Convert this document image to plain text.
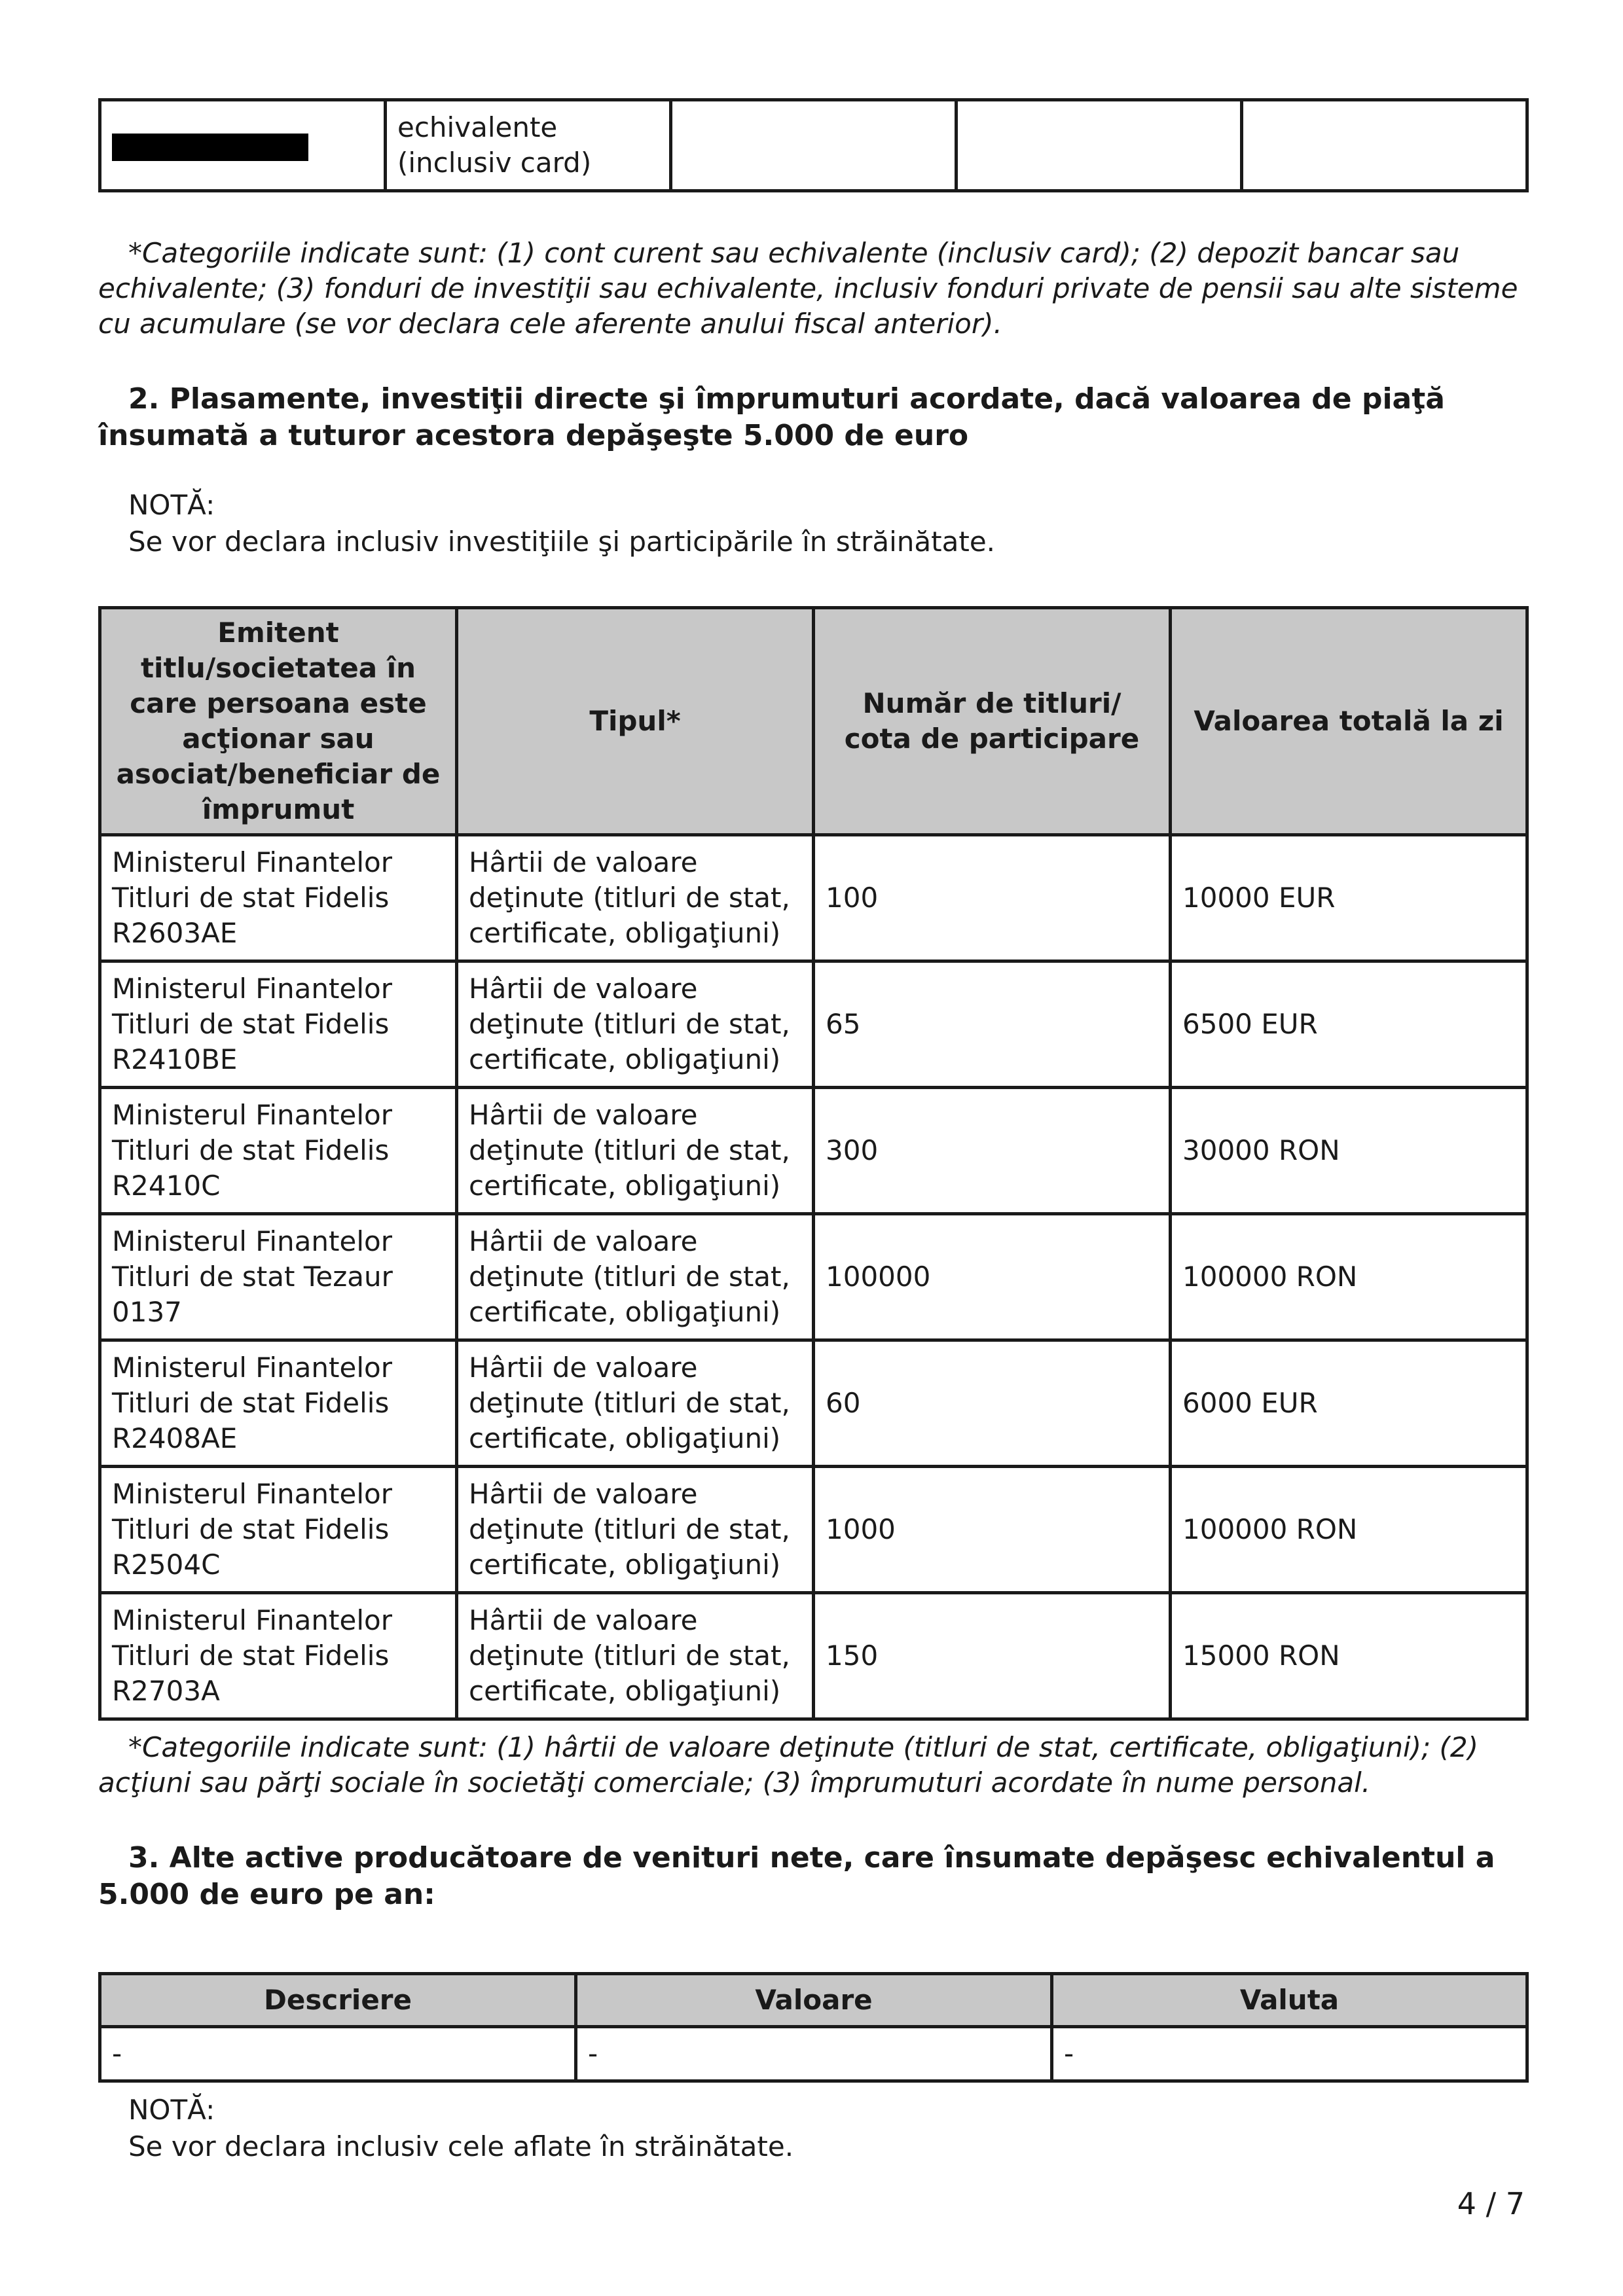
	echivalente (inclusiv card)			

*Categoriile indicate sunt: (1) cont curent sau echivalente (inclusiv card); (2) depozit bancar sau echivalente; (3) fonduri de investiţii sau echivalente, inclusiv fonduri private de pensii sau alte sisteme cu acumulare (se vor declara cele aferente anului fiscal anterior).

2. Plasamente, investiţii directe şi împrumuturi acordate, dacă valoarea de piaţă însumată a tuturor acestora depăşeşte 5.000 de euro

NOTĂ:

Se vor declara inclusiv investiţiile şi participările în străinătate.

Emitent titlu/societatea în care persoana este acţionar sau asociat/beneficiar de împrumut	Tipul*	Număr de titluri/ cota de participare	Valoarea totală la zi
Ministerul Finantelor Titluri de stat Fidelis R2603AE	Hârtii de valoare deţinute (titluri de stat, certificate, obligaţiuni)	100	10000 EUR
Ministerul Finantelor Titluri de stat Fidelis R2410BE	Hârtii de valoare deţinute (titluri de stat, certificate, obligaţiuni)	65	6500 EUR
Ministerul Finantelor Titluri de stat Fidelis R2410C	Hârtii de valoare deţinute (titluri de stat, certificate, obligaţiuni)	300	30000 RON
Ministerul Finantelor Titluri de stat Tezaur 0137	Hârtii de valoare deţinute (titluri de stat, certificate, obligaţiuni)	100000	100000 RON
Ministerul Finantelor Titluri de stat Fidelis R2408AE	Hârtii de valoare deţinute (titluri de stat, certificate, obligaţiuni)	60	6000 EUR
Ministerul Finantelor Titluri de stat Fidelis R2504C	Hârtii de valoare deţinute (titluri de stat, certificate, obligaţiuni)	1000	100000 RON
Ministerul Finantelor Titluri de stat Fidelis R2703A	Hârtii de valoare deţinute (titluri de stat, certificate, obligaţiuni)	150	15000 RON

*Categoriile indicate sunt: (1) hârtii de valoare deţinute (titluri de stat, certificate, obligaţiuni); (2) acţiuni sau părţi sociale în societăţi comerciale; (3) împrumuturi acordate în nume personal.

3. Alte active producătoare de venituri nete, care însumate depăşesc echivalentul a 5.000 de euro pe an:

Descriere	Valoare	Valuta
-	-	-

NOTĂ:

Se vor declara inclusiv cele aflate în străinătate.

4 / 7
